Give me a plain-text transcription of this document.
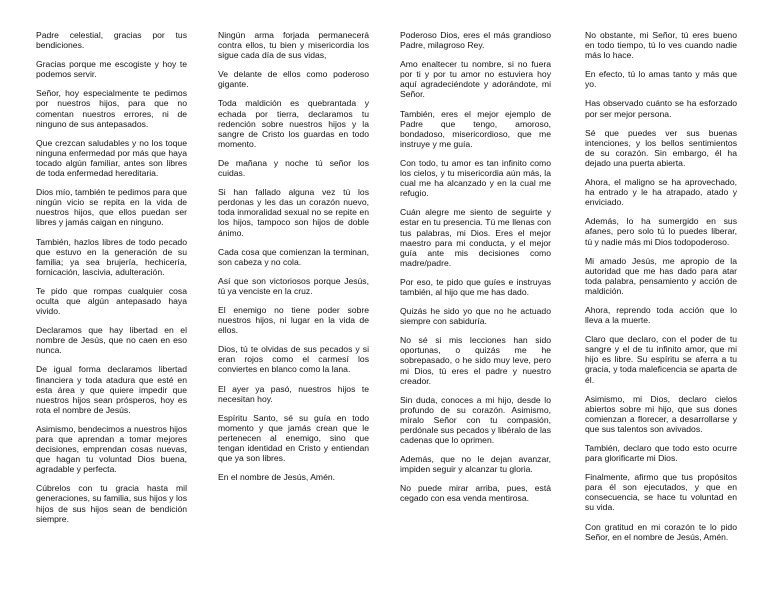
Padre celestial, gracias por tus bendiciones.

Gracias porque me escogiste y hoy te podemos servir.

Señor, hoy especialmente te pedimos por nuestros hijos, para que no comentan nuestros errores, ni de ninguno de sus antepasados.

Que crezcan saludables y no los toque ninguna enfermedad por más que haya tocado algún familiar, antes son libres de toda enfermedad hereditaria.

Dios mío, también te pedimos para que ningún vicio se repita en la vida de nuestros hijos, que ellos puedan ser libres y jamás caigan en ninguno.

También, hazlos libres de todo pecado que estuvo en la generación de su familia; ya sea brujería, hechicería, fornicación, lascivia, adulteración.

Te pido que rompas cualquier cosa oculta que algún antepasado haya vivido.

Declaramos que hay libertad en el nombre de Jesús, que no caen en eso nunca.

De igual forma declaramos libertad financiera y toda atadura que esté en esta área y que quiere impedir que nuestros hijos sean prósperos, hoy es rota el nombre de Jesús.

Asimismo, bendecimos a nuestros hijos para que aprendan a tomar mejores decisiones, emprendan cosas nuevas, que hagan tu voluntad Dios buena, agradable y perfecta.

Cúbrelos con tu gracia hasta mil generaciones, su familia, sus hijos y los hijos de sus hijos sean de bendición siempre.

Ningún arma forjada permanecerá contra ellos, tu bien y misericordia los sigue cada día de sus vidas,

Ve delante de ellos como poderoso gigante.

Toda maldición es quebrantada y echada por tierra, declaramos tu redención sobre nuestros hijos y la sangre de Cristo los guardas en todo momento.

De mañana y noche tú señor los cuidas.

Si han fallado alguna vez tú los perdonas y les das un corazón nuevo, toda inmoralidad sexual no se repite en los hijos, tampoco son hijos de doble ánimo.

Cada cosa que comienzan la terminan, son cabeza y no cola.

Así que son victoriosos porque Jesús, tú ya venciste en la cruz.

El enemigo no tiene poder sobre nuestros hijos, ni lugar en la vida de ellos.

Dios, tú te olvidas de sus pecados y si eran rojos como el carmesí los conviertes en blanco como la lana.

El ayer ya pasó, nuestros hijos te necesitan hoy.

Espíritu Santo, sé su guía en todo momento y que jamás crean que le pertenecen al enemigo, sino que tengan identidad en Cristo y entiendan que ya son libres.

En el nombre de Jesús, Amén.

Poderoso Dios, eres el más grandioso Padre, milagroso Rey.

Amo enaltecer tu nombre, si no fuera por ti y por tu amor no estuviera hoy aquí agradeciéndote y adorándote, mi Señor.

También, eres el mejor ejemplo de Padre que tengo, amoroso, bondadoso, misericordioso, que me instruye y me guía.

Con todo, tu amor es tan infinito como los cielos, y tu misericordia aún más, la cual me ha alcanzado y en la cual me refugio.

Cuán alegre me siento de seguirte y estar en tu presencia. Tú me llenas con tus palabras, mi Dios. Eres el mejor maestro para mi conducta, y el mejor guía ante mis decisiones como madre/padre.

Por eso, te pido que guíes e instruyas también, al hijo que me has dado.

Quizás he sido yo que no he actuado siempre con sabiduría.

No sé si mis lecciones han sido oportunas, o quizás me he sobrepasado, o he sido muy leve, pero mi Dios, tú eres el padre y nuestro creador.

Sin duda, conoces a mi hijo, desde lo profundo de su corazón. Asimismo, míralo Señor con tu compasión, perdónale sus pecados y libéralo de las cadenas que lo oprimen.

Además, que no le dejan avanzar, impiden seguir y alcanzar tu gloria.

No puede mirar arriba, pues, está cegado con esa venda mentirosa.

No obstante, mi Señor, tú eres bueno en todo tiempo, tú lo ves cuando nadie más lo hace.

En efecto, tú lo amas tanto y más que yo.

Has observado cuánto se ha esforzado por ser mejor persona.

Sé que puedes ver sus buenas intenciones, y los bellos sentimientos de su corazón. Sin embargo, él ha dejado una puerta abierta.

Ahora, el maligno se ha aprovechado, ha entrado y le ha atrapado, atado y enviciado.

Además, lo ha sumergido en sus afanes, pero solo tú lo puedes liberar, tú y nadie más mi Dios todopoderoso.

Mi amado Jesús, me apropio de la autoridad que me has dado para atar toda palabra, pensamiento y acción de maldición.

Ahora, reprendo toda acción que lo lleva a la muerte.

Claro que declaro, con el poder de tu sangre y el de tu infinito amor, que mi hijo es libre. Su espíritu se aferra a tu gracia, y toda maleficencia se aparta de él.

Asimismo, mi Dios, declaro cielos abiertos sobre mi hijo, que sus dones comienzan a florecer, a desarrollarse y que sus talentos son avivados.

También, declaro que todo esto ocurre para glorificarte mi Dios.

Finalmente, afirmo que tus propósitos para él son ejecutados, y que en consecuencia, se hace tu voluntad en su vida.

Con gratitud en mi corazón te lo pido Señor, en el nombre de Jesús, Amén.
